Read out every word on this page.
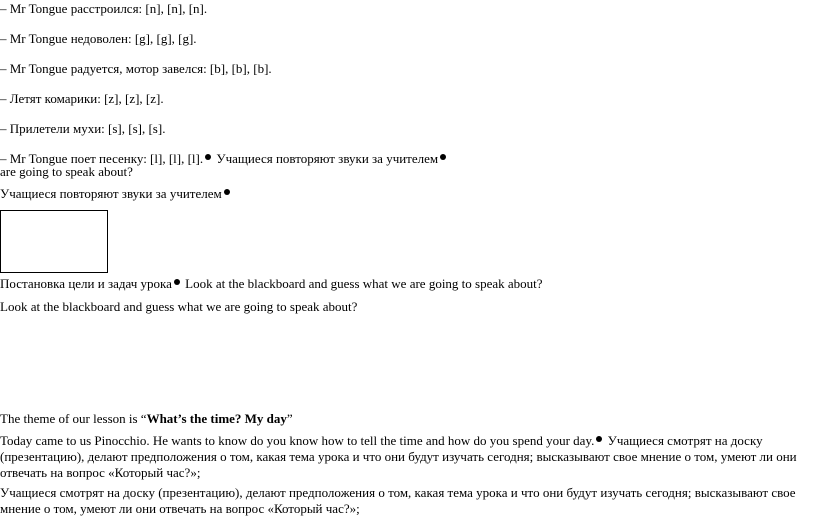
– Mr Tongue расстроился: [n], [n], [n].
– Mr Tongue недоволен: [g], [g], [g].
– Mr Tongue радуется, мотор завелся: [b], [b], [b].
– Летят комарики: [z], [z], [z].
– Прилетели мухи: [s], [s], [s].
– Mr Tongue поет песенку: [l], [l], [l]. Учащиеся повторяют звуки за учителем
are going to speak about?
Учащиеся повторяют звуки за учителем
Постановка цели и задач урока Look at the blackboard and guess what we are going to speak about?
Look at the blackboard and guess what we are going to speak about?
The theme of our lesson is “What’s the time? My day”
Today came to us Pinocchio. He wants to know do you know how to tell the time and how do you spend your day. Учащиеся смотрят на доску (презентацию), делают предположения о том, какая тема урока и что они будут изучать сегодня; высказывают свое мнение о том, умеют ли они отвечать на вопрос «Который час?»;
Учащиеся смотрят на доску (презентацию), делают предположения о том, какая тема урока и что они будут изучать сегодня; высказывают свое мнение о том, умеют ли они отвечать на вопрос «Который час?»;
